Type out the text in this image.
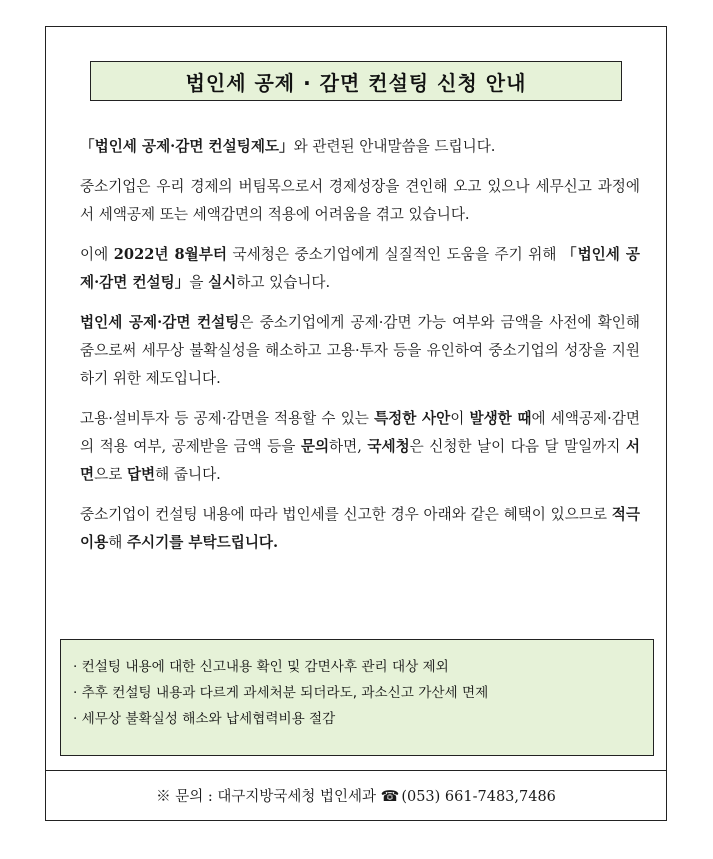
법인세 공제 · 감면 컨설팅 신청 안내

「법인세 공제·감면 컨설팅제도」와 관련된 안내말씀을 드립니다.

중소기업은 우리 경제의 버팀목으로서 경제성장을 견인해 오고 있으나 세무신고 과정에서 세액공제 또는 세액감면의 적용에 어려움을 겪고 있습니다.

이에 2022년 8월부터 국세청은 중소기업에게 실질적인 도움을 주기 위해 「법인세 공제·감면 컨설팅」을 실시하고 있습니다.

법인세 공제·감면 컨설팅은 중소기업에게 공제·감면 가능 여부와 금액을 사전에 확인해 줌으로써 세무상 불확실성을 해소하고 고용·투자 등을 유인하여 중소기업의 성장을 지원하기 위한 제도입니다.

고용·설비투자 등 공제·감면을 적용할 수 있는 특정한 사안이 발생한 때에 세액공제·감면의 적용 여부, 공제받을 금액 등을 문의하면, 국세청은 신청한 날이 다음 달 말일까지 서면으로 답변해 줍니다.

중소기업이 컨설팅 내용에 따라 법인세를 신고한 경우 아래와 같은 혜택이 있으므로 적극 이용해 주시기를 부탁드립니다.

· 컨설팅 내용에 대한 신고내용 확인 및 감면사후 관리 대상 제외
· 추후 컨설팅 내용과 다르게 과세처분 되더라도, 과소신고 가산세 면제
· 세무상 불확실성 해소와 납세협력비용 절감
※ 문의 : 대구지방국세청 법인세과 ☎ (053) 661-7483,7486
